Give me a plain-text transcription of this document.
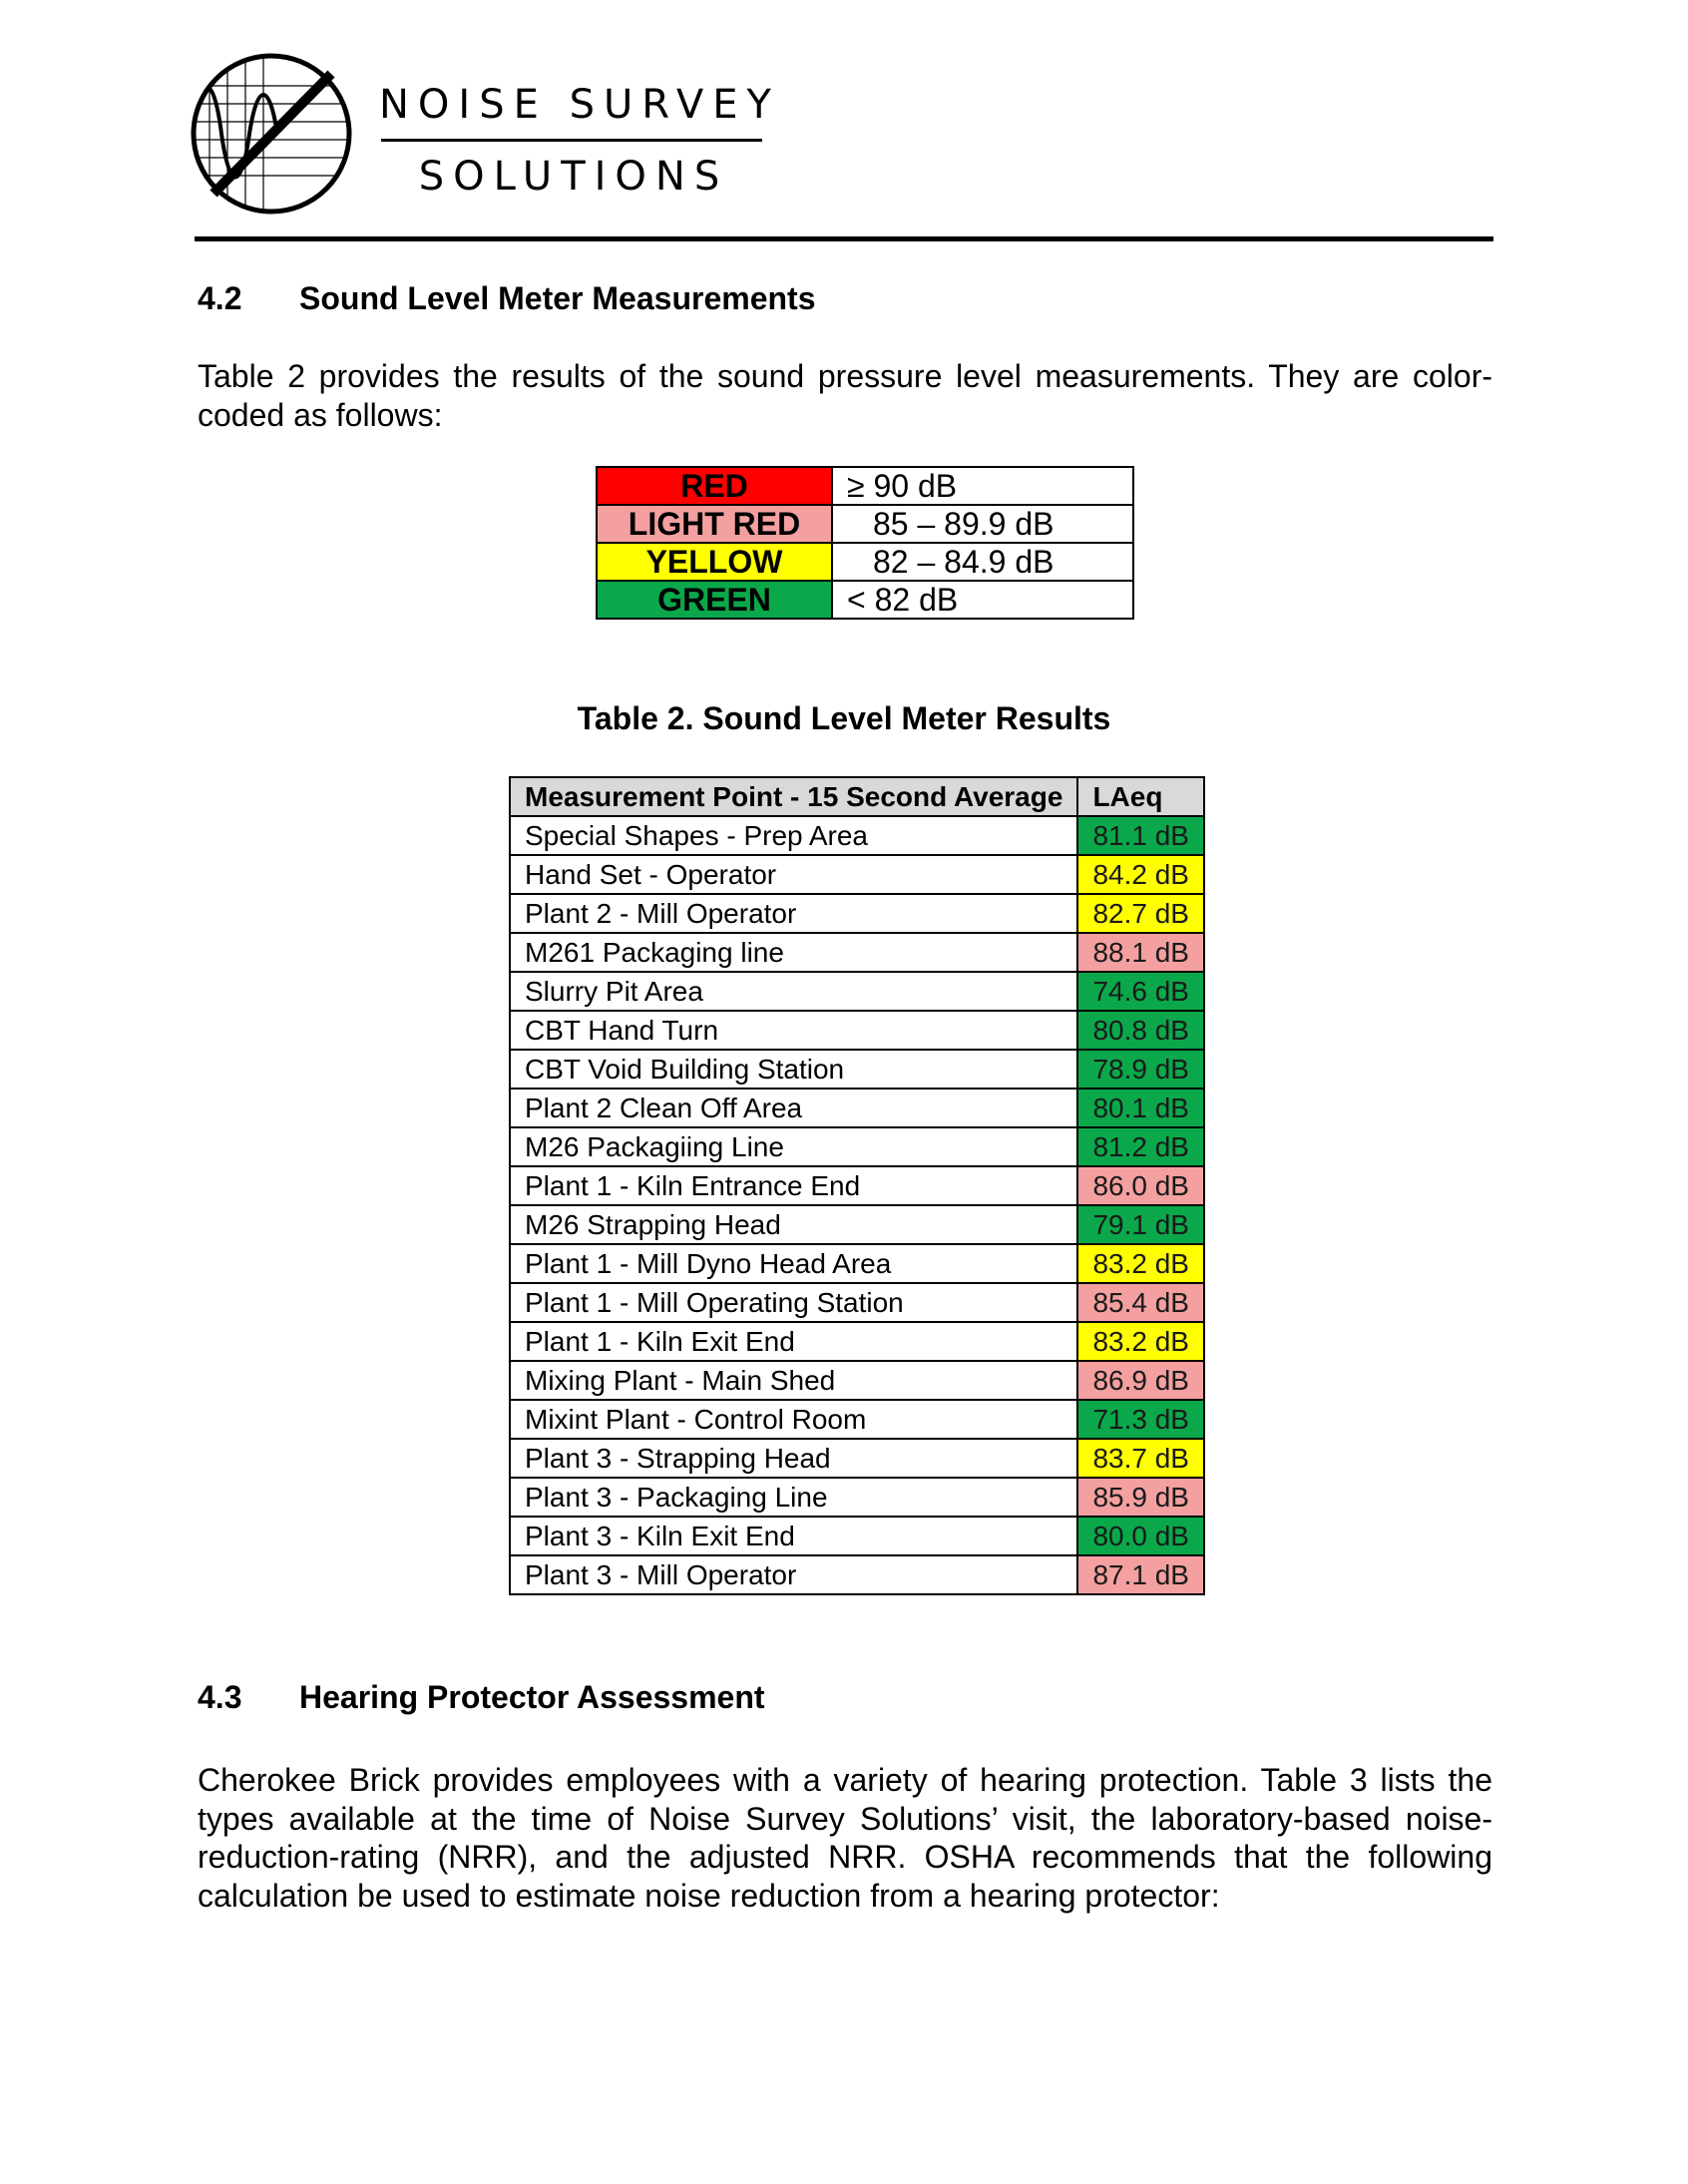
NOISE SURVEY
SOLUTIONS
4.2 Sound Level Meter Measurements
Table 2 provides the results of the sound pressure level measurements. They are color-coded as follows:
RED	≥ 90 dB
LIGHT RED	85 – 89.9 dB
YELLOW	82 – 84.9 dB
GREEN	< 82 dB
Table 2. Sound Level Meter Results
Measurement Point - 15 Second Average	LAeq
Special Shapes - Prep Area	81.1 dB
Hand Set - Operator	84.2 dB
Plant 2 - Mill Operator	82.7 dB
M261 Packaging line	88.1 dB
Slurry Pit Area	74.6 dB
CBT Hand Turn	80.8 dB
CBT Void Building Station	78.9 dB
Plant 2 Clean Off Area	80.1 dB
M26 Packagiing Line	81.2 dB
Plant 1 - Kiln Entrance End	86.0 dB
M26 Strapping Head	79.1 dB
Plant 1 - Mill Dyno Head Area	83.2 dB
Plant 1 - Mill Operating Station	85.4 dB
Plant 1 - Kiln Exit End	83.2 dB
Mixing Plant - Main Shed	86.9 dB
Mixint Plant - Control Room	71.3 dB
Plant 3 - Strapping Head	83.7 dB
Plant 3 - Packaging Line	85.9 dB
Plant 3 - Kiln Exit End	80.0 dB
Plant 3 - Mill Operator	87.1 dB
4.3 Hearing Protector Assessment
Cherokee Brick provides employees with a variety of hearing protection. Table 3 lists the types available at the time of Noise Survey Solutions’ visit, the laboratory-based noise-reduction-rating (NRR), and the adjusted NRR. OSHA recommends that the following calculation be used to estimate noise reduction from a hearing protector:
